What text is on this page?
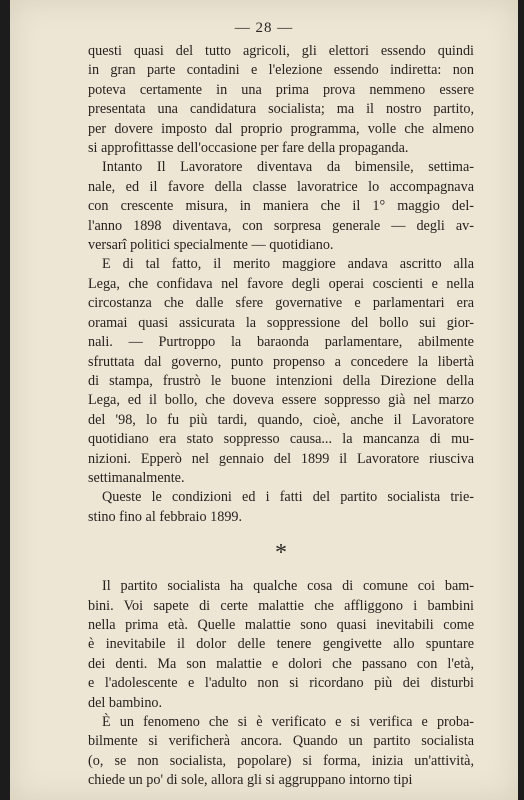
— 28 —

questi quasi del tutto agricoli, gli elettori essendo quindi
in gran parte contadini e l'elezione essendo indiretta: non
poteva certamente in una prima prova nemmeno essere
presentata una candidatura socialista; ma il nostro partito,
per dovere imposto dal proprio programma, volle che almeno
si approfittasse dell'occasione per fare della propaganda.

Intanto Il Lavoratore diventava da bimensile, settima-
nale, ed il favore della classe lavoratrice lo accompagnava
con crescente misura, in maniera che il 1° maggio del-
l'anno 1898 diventava, con sorpresa generale — degli av-
versarî politici specialmente — quotidiano.

E di tal fatto, il merito maggiore andava ascritto alla
Lega, che confidava nel favore degli operai coscienti e nella
circostanza che dalle sfere governative e parlamentari era
oramai quasi assicurata la soppressione del bollo sui gior-
nali. — Purtroppo la baraonda parlamentare, abilmente
sfruttata dal governo, punto propenso a concedere la libertà
di stampa, frustrò le buone intenzioni della Direzione della
Lega, ed il bollo, che doveva essere soppresso già nel marzo
del '98, lo fu più tardi, quando, cioè, anche il Lavoratore
quotidiano era stato soppresso causa... la mancanza di mu-
nizioni. Epperò nel gennaio del 1899 il Lavoratore riusciva
settimanalmente.

Queste le condizioni ed i fatti del partito socialista trie-
stino fino al febbraio 1899.

*

Il partito socialista ha qualche cosa di comune coi bam-
bini. Voi sapete di certe malattie che affliggono i bambini
nella prima età. Quelle malattie sono quasi inevitabili come
è inevitabile il dolor delle tenere gengivette allo spuntare
dei denti. Ma son malattie e dolori che passano con l'età,
e l'adolescente e l'adulto non si ricordano più dei disturbi
del bambino.

È un fenomeno che si è verificato e si verifica e proba-
bilmente si verificherà ancora. Quando un partito socialista
(o, se non socialista, popolare) si forma, inizia un'attività,
chiede un po' di sole, allora gli si aggruppano intorno tipi
